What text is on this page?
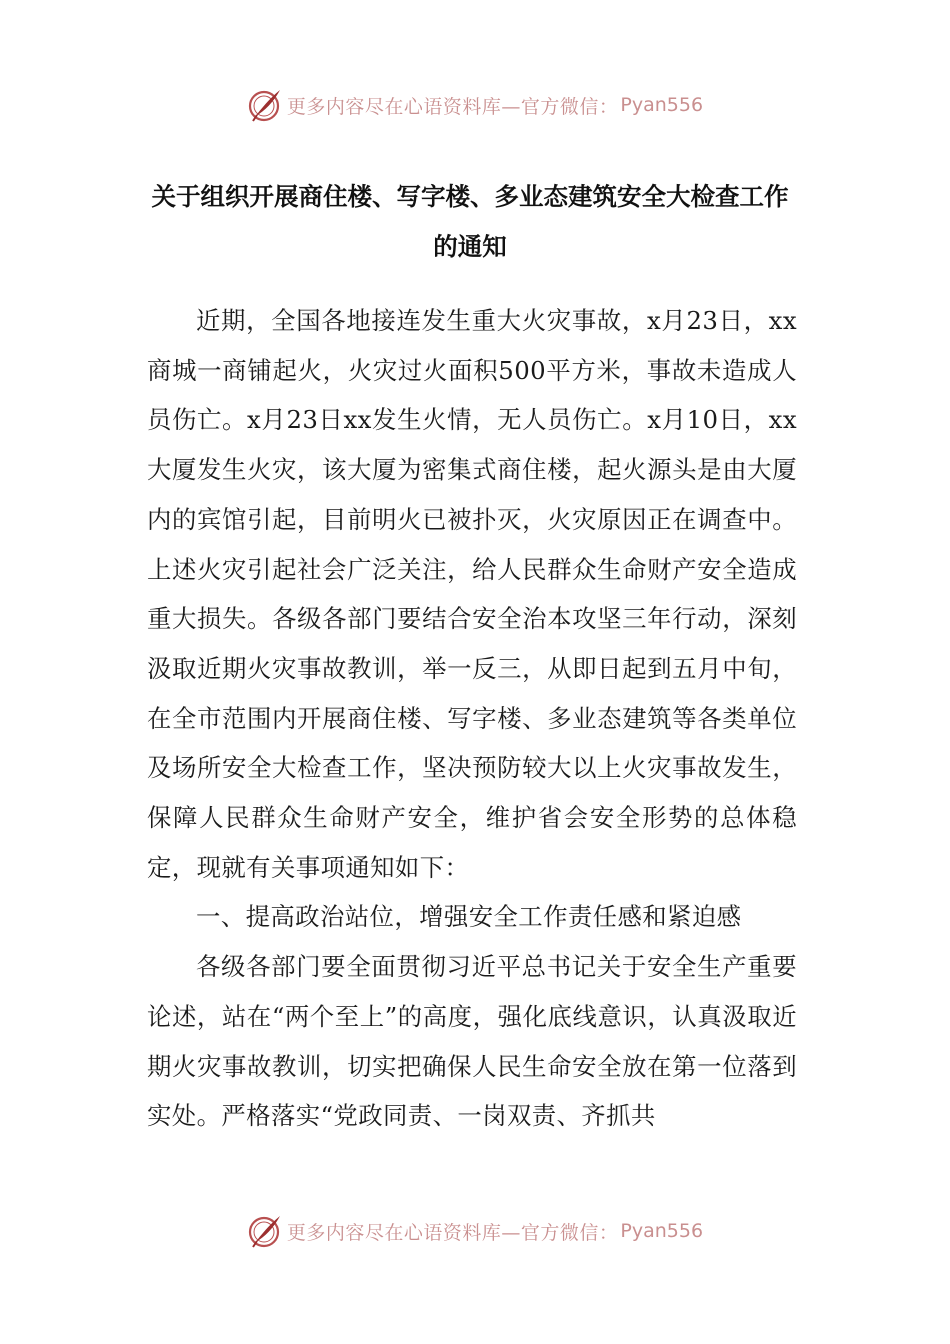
更多内容尽在心语资料库—官方微信： Pyan556
关于组织开展商住楼、写字楼、多业态建筑安全大检查工作的通知

近期，全国各地接连发生重大火灾事故，x月23日，xx商城一商铺起火，火灾过火面积500平方米，事故未造成人员伤亡。x月23日xx发生火情，无人员伤亡。x月10日，xx大厦发生火灾，该大厦为密集式商住楼，起火源头是由大厦内的宾馆引起，目前明火已被扑灭，火灾原因正在调查中。上述火灾引起社会广泛关注，给人民群众生命财产安全造成重大损失。各级各部门要结合安全治本攻坚三年行动，深刻汲取近期火灾事故教训，举一反三，从即日起到五月中旬，在全市范围内开展商住楼、写字楼、多业态建筑等各类单位及场所安全大检查工作，坚决预防较大以上火灾事故发生，保障人民群众生命财产安全，维护省会安全形势的总体稳定，现就有关事项通知如下：

一、提高政治站位，增强安全工作责任感和紧迫感

各级各部门要全面贯彻习近平总书记关于安全生产重要论述，站在“两个至上”的高度，强化底线意识，认真汲取近期火灾事故教训，切实把确保人民生命安全放在第一位落到实处。严格落实“党政同责、一岗双责、齐抓共

更多内容尽在心语资料库—官方微信： Pyan556
